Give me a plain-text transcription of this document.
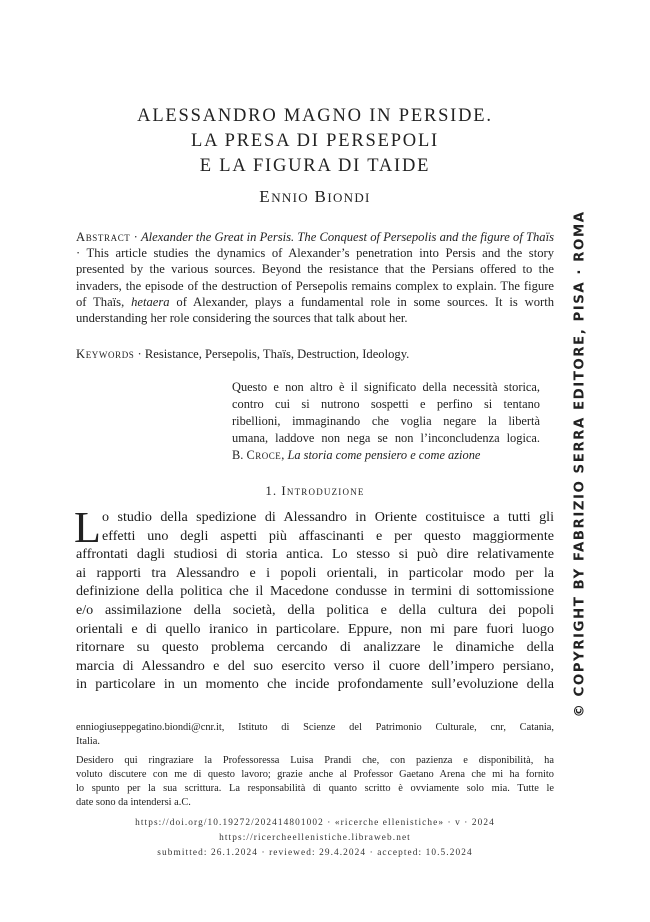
ALESSANDRO MAGNO IN PERSIDE.
LA PRESA DI PERSEPOLI
E LA FIGURA DI TAIDE
ENNIO BIONDI
Abstract · Alexander the Great in Persis. The Conquest of Persepolis and the figure of Thaïs · This article studies the dynamics of Alexander’s penetration into Persis and the story presented by the various sources. Beyond the resistance that the Persians offered to the invaders, the episode of the destruction of Persepolis remains complex to explain. The figure of Thaïs, hetaera of Alexander, plays a fundamental role in some sources. It is worth understanding her role considering the sources that talk about her.
Keywords · Resistance, Persepolis, Thaïs, Destruction, Ideology.
Questo e non altro è il significato della necessità storica,
contro cui si nutrono sospetti e perfino si tentano
ribellioni, immaginando che voglia negare la libertà
umana, laddove non nega se non l’inconcludenza logica.
B. Croce, La storia come pensiero e come azione
1. Introduzione
L o studio della spedizione di Alessandro in Oriente costituisce a tutti gli
effetti uno degli aspetti più affascinanti e per questo maggiormente
affrontati dagli studiosi di storia antica. Lo stesso si può dire relativamente
ai rapporti tra Alessandro e i popoli orientali, in particolar modo per la
definizione della politica che il Macedone condusse in termini di sottomissione
e/o assimilazione della società, della politica e della cultura dei popoli
orientali e di quello iranico in particolare. Eppure, non mi pare fuori luogo
ritornare su questo problema cercando di analizzare le dinamiche della
marcia di Alessandro e del suo esercito verso il cuore dell’impero persiano,
in particolare in un momento che incide profondamente sull’evoluzione della
enniogiuseppegatino.biondi@cnr.it, Istituto di Scienze del Patrimonio Culturale, cnr, Catania,
Italia.
Desidero qui ringraziare la Professoressa Luisa Prandi che, con pazienza e disponibilità, ha
voluto discutere con me di questo lavoro; grazie anche al Professor Gaetano Arena che mi ha fornito
lo spunto per la sua scrittura. La responsabilità di quanto scritto è ovviamente solo mia. Tutte le
date sono da intendersi a.C.
https://doi.org/10.19272/202414801002 · «ricerche ellenistiche» · v · 2024
https://ricercheellenistiche.libraweb.net
submitted: 26.1.2024 · reviewed: 29.4.2024 · accepted: 10.5.2024
© COPYRIGHT BY FABRIZIO SERRA EDITORE, PISA · ROMA
